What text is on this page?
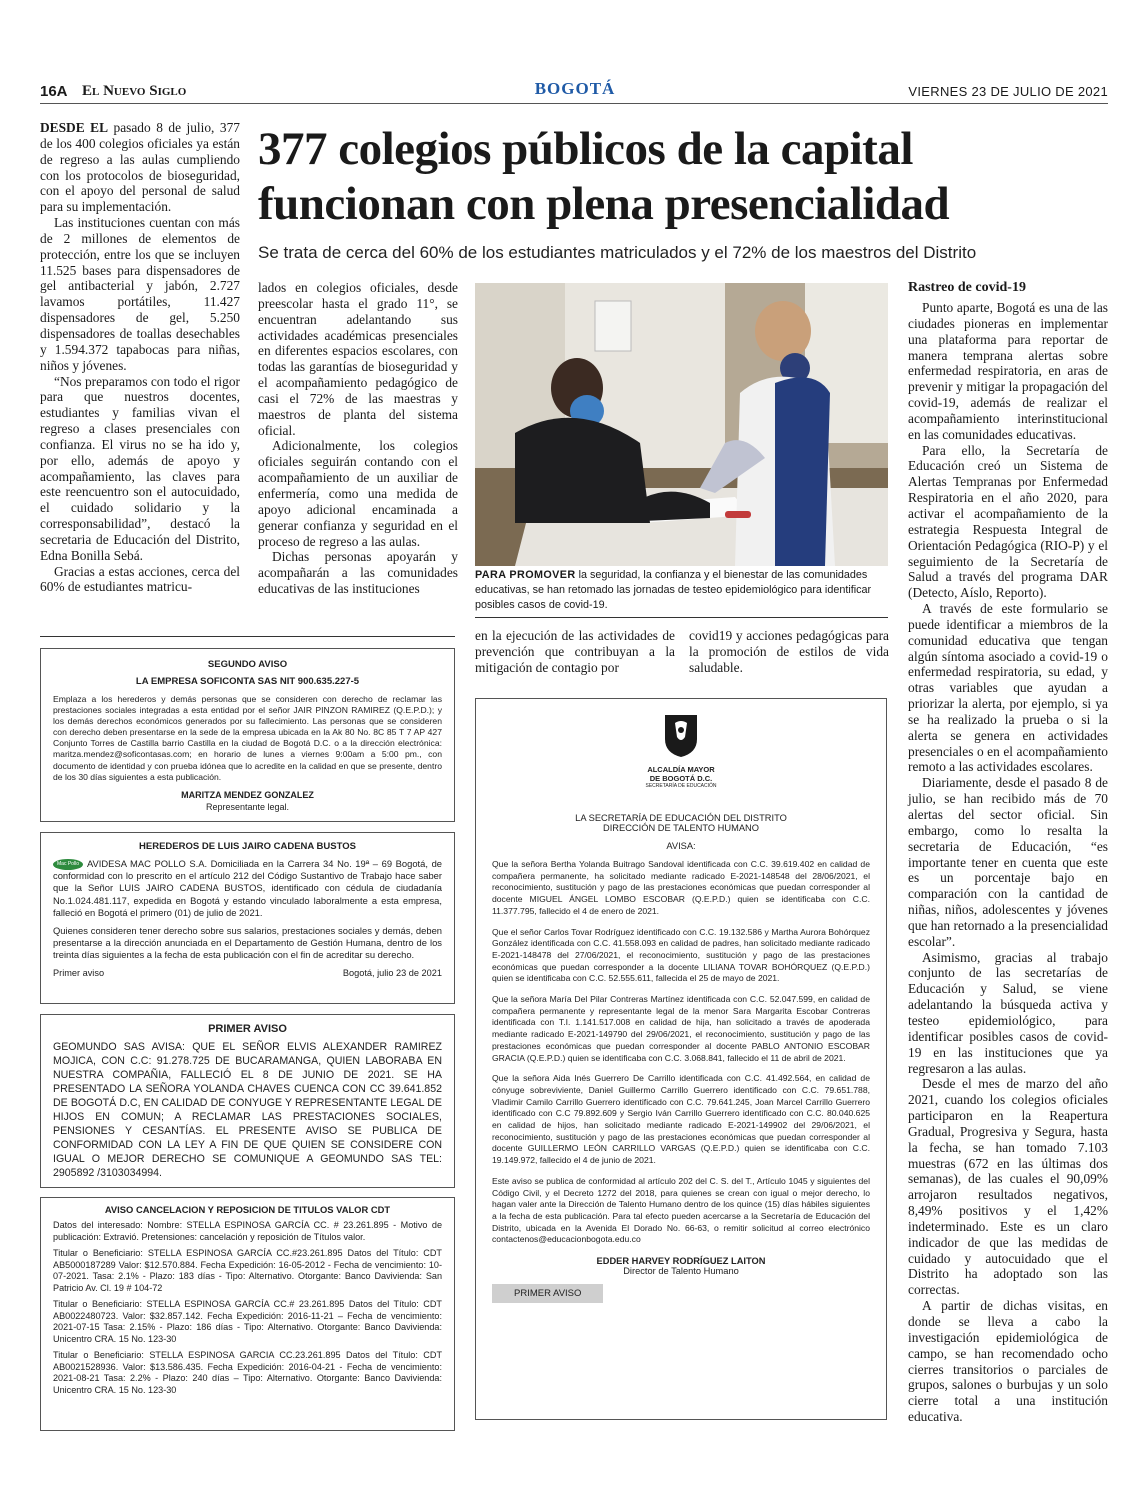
16A El Nuevo Siglo	BOGOTÁ	VIERNES 23 DE JULIO DE 2021
377 colegios públicos de la capital funcionan con plena presencialidad
Se trata de cerca del 60% de los estudiantes matriculados y el 72% de los maestros del Distrito

DESDE EL pasado 8 de julio, 377 de los 400 colegios oficiales ya están de regreso a las aulas cumpliendo con los protocolos de bioseguridad, con el apoyo del personal de salud para su implementación.

Las instituciones cuentan con más de 2 millones de elementos de protección, entre los que se incluyen 11.525 bases para dispensadores de gel antibacterial y jabón, 2.727 lavamos portátiles, 11.427 dispensadores de gel, 5.250 dispensadores de toallas desechables y 1.594.372 tapabocas para niñas, niños y jóvenes.

“Nos preparamos con todo el rigor para que nuestros docentes, estudiantes y familias vivan el regreso a clases presenciales con confianza. El virus no se ha ido y, por ello, además de apoyo y acompañamiento, las claves para este reencuentro son el autocuidado, el cuidado solidario y la corresponsabilidad”, destacó la secretaria de Educación del Distrito, Edna Bonilla Sebá.

Gracias a estas acciones, cerca del 60% de estudiantes matricu-

lados en colegios oficiales, desde preescolar hasta el grado 11°, se encuentran adelantando sus actividades académicas presenciales en diferentes espacios escolares, con todas las garantías de bioseguridad y el acompañamiento pedagógico de casi el 72% de las maestras y maestros de planta del sistema oficial.

Adicionalmente, los colegios oficiales seguirán contando con el acompañamiento de un auxiliar de enfermería, como una medida de apoyo adicional encaminada a generar confianza y seguridad en el proceso de regreso a las aulas.

Dichas personas apoyarán y acompañarán a las comunidades educativas de las instituciones

PARA PROMOVER la seguridad, la confianza y el bienestar de las comunidades educativas, se han retomado las jornadas de testeo epidemiológico para identificar posibles casos de covid-19.

en la ejecución de las actividades de prevención que contribuyan a la mitigación de contagio por

covid19 y acciones pedagógicas para la promoción de estilos de vida saludable.

Rastreo de covid-19

Punto aparte, Bogotá es una de las ciudades pioneras en implementar una plataforma para reportar de manera temprana alertas sobre enfermedad respiratoria, en aras de prevenir y mitigar la propagación del covid-19, además de realizar el acompañamiento interinstitucional en las comunidades educativas.

Para ello, la Secretaría de Educación creó un Sistema de Alertas Tempranas por Enfermedad Respiratoria en el año 2020, para activar el acompañamiento de la estrategia Respuesta Integral de Orientación Pedagógica (RIO-P) y el seguimiento de la Secretaría de Salud a través del programa DAR (Detecto, Aíslo, Reporto).

A través de este formulario se puede identificar a miembros de la comunidad educativa que tengan algún síntoma asociado a covid-19 o enfermedad respiratoria, su edad, y otras variables que ayudan a priorizar la alerta, por ejemplo, si ya se ha realizado la prueba o si la alerta se genera en actividades presenciales o en el acompañamiento remoto a las actividades escolares.

Diariamente, desde el pasado 8 de julio, se han recibido más de 70 alertas del sector oficial. Sin embargo, como lo resalta la secretaria de Educación, “es importante tener en cuenta que este es un porcentaje bajo en comparación con la cantidad de niñas, niños, adolescentes y jóvenes que han retornado a la presencialidad escolar”.

Asimismo, gracias al trabajo conjunto de las secretarías de Educación y Salud, se viene adelantando la búsqueda activa y testeo epidemiológico, para identificar posibles casos de covid-19 en las instituciones que ya regresaron a las aulas.

Desde el mes de marzo del año 2021, cuando los colegios oficiales participaron en la Reapertura Gradual, Progresiva y Segura, hasta la fecha, se han tomado 7.103 muestras (672 en las últimas dos semanas), de las cuales el 90,09% arrojaron resultados negativos, 8,49% positivos y el 1,42% indeterminado. Este es un claro indicador de que las medidas de cuidado y autocuidado que el Distrito ha adoptado son las correctas.

A partir de dichas visitas, en donde se lleva a cabo la investigación epidemiológica de campo, se han recomendado ocho cierres transitorios o parciales de grupos, salones o burbujas y un solo cierre total a una institución educativa.

SEGUNDO AVISO
LA EMPRESA SOFICONTA SAS NIT 900.635.227-5
Emplaza a los herederos y demás personas que se consideren con derecho de reclamar las prestaciones sociales integradas a esta entidad por el señor JAIR PINZON RAMIREZ (Q.E.P.D.); y los demás derechos económicos generados por su fallecimiento. Las personas que se consideren con derecho deben presentarse en la sede de la empresa ubicada en la Ak 80 No. 8C 85 T 7 AP 427 Conjunto Torres de Castilla barrio Castilla en la ciudad de Bogotá D.C. o a la dirección electrónica: maritza.mendez@soficontasas.com; en horario de lunes a viernes 9:00am a 5:00 pm., con documento de identidad y con prueba idónea que lo acredite en la calidad en que se presente, dentro de los 30 días siguientes a esta publicación.
MARITZA MENDEZ GONZALEZ
Representante legal.
HEREDEROS DE LUIS JAIRO CADENA BUSTOS
Mac Pollo AVIDESA MAC POLLO S.A. Domiciliada en la Carrera 34 No. 19ª – 69 Bogotá, de conformidad con lo prescrito en el artículo 212 del Código Sustantivo de Trabajo hace saber que la Señor LUIS JAIRO CADENA BUSTOS, identificado con cédula de ciudadanía No.1.024.481.117, expedida en Bogotá y estando vinculado laboralmente a esta empresa, falleció en Bogotá el primero (01) de julio de 2021.
Quienes consideren tener derecho sobre sus salarios, prestaciones sociales y demás, deben presentarse a la dirección anunciada en el Departamento de Gestión Humana, dentro de los treinta días siguientes a la fecha de esta publicación con el fin de acreditar su derecho.
Primer aviso	Bogotá, julio 23 de 2021
PRIMER AVISO
GEOMUNDO SAS AVISA: QUE EL SEÑOR ELVIS ALEXANDER RAMIREZ MOJICA, CON C.C: 91.278.725 DE BUCARAMANGA, QUIEN LABORABA EN NUESTRA COMPAÑIA, FALLECIÓ EL 8 DE JUNIO DE 2021. SE HA PRESENTADO LA SEÑORA YOLANDA CHAVES CUENCA CON CC 39.641.852 DE BOGOTÁ D.C, EN CALIDAD DE CONYUGE Y REPRESENTANTE LEGAL DE HIJOS EN COMUN; A RECLAMAR LAS PRESTACIONES SOCIALES, PENSIONES Y CESANTÍAS. EL PRESENTE AVISO SE PUBLICA DE CONFORMIDAD CON LA LEY A FIN DE QUE QUIEN SE CONSIDERE CON IGUAL O MEJOR DERECHO SE COMUNIQUE A GEOMUNDO SAS TEL: 2905892 /3103034994.
AVISO CANCELACION Y REPOSICION DE TITULOS VALOR CDT
Datos del interesado: Nombre: STELLA ESPINOSA GARCÍA CC. # 23.261.895 - Motivo de publicación: Extravió. Pretensiones: cancelación y reposición de Títulos valor.
Titular o Beneficiario: STELLA ESPINOSA GARCÍA CC.#23.261.895 Datos del Título: CDT AB5000187289 Valor: $12.570.884. Fecha Expedición: 16-05-2012 - Fecha de vencimiento: 10-07-2021. Tasa: 2.1% - Plazo: 183 días - Tipo: Alternativo. Otorgante: Banco Davivienda: San Patricio Av. Cl. 19 # 104-72
Titular o Beneficiario: STELLA ESPINOSA GARCÍA CC.# 23.261.895 Datos del Título: CDT AB0022480723. Valor: $32.857.142. Fecha Expedición: 2016-11-21 – Fecha de vencimiento: 2021-07-15 Tasa: 2.15% - Plazo: 186 días - Tipo: Alternativo. Otorgante: Banco Davivienda: Unicentro CRA. 15 No. 123-30
Titular o Beneficiario: STELLA ESPINOSA GARCIA CC.23.261.895 Datos del Título: CDT AB0021528936. Valor: $13.586.435. Fecha Expedición: 2016-04-21 - Fecha de vencimiento: 2021-08-21 Tasa: 2.2% - Plazo: 240 días – Tipo: Alternativo. Otorgante: Banco Davivienda: Unicentro CRA. 15 No. 123-30
ALCALDÍA MAYOR
DE BOGOTÁ D.C.
SECRETARÍA DE EDUCACIÓN
LA SECRETARÍA DE EDUCACIÓN DEL DISTRITO
DIRECCIÓN DE TALENTO HUMANO
AVISA:
Que la señora Bertha Yolanda Buitrago Sandoval identificada con C.C. 39.619.402 en calidad de compañera permanente, ha solicitado mediante radicado E-2021-148548 del 28/06/2021, el reconocimiento, sustitución y pago de las prestaciones económicas que puedan corresponder al docente MIGUEL ÁNGEL LOMBO ESCOBAR (Q.E.P.D.) quien se identificaba con C.C. 11.377.795, fallecido el 4 de enero de 2021.
Que el señor Carlos Tovar Rodríguez identificado con C.C. 19.132.586 y Martha Aurora Bohórquez González identificada con C.C. 41.558.093 en calidad de padres, han solicitado mediante radicado E-2021-148478 del 27/06/2021, el reconocimiento, sustitución y pago de las prestaciones económicas que puedan corresponder a la docente LILIANA TOVAR BOHÓRQUEZ (Q.E.P.D.) quien se identificaba con C.C. 52.555.611, fallecida el 25 de mayo de 2021.
Que la señora María Del Pilar Contreras Martínez identificada con C.C. 52.047.599, en calidad de compañera permanente y representante legal de la menor Sara Margarita Escobar Contreras identificada con T.I. 1.141.517.008 en calidad de hija, han solicitado a través de apoderada mediante radicado E-2021-149790 del 29/06/2021, el reconocimiento, sustitución y pago de las prestaciones económicas que puedan corresponder al docente PABLO ANTONIO ESCOBAR GRACIA (Q.E.P.D.) quien se identificaba con C.C. 3.068.841, fallecido el 11 de abril de 2021.
Que la señora Aida Inés Guerrero De Carrillo identificada con C.C. 41.492.564, en calidad de cónyuge sobreviviente, Daniel Guillermo Carrillo Guerrero identificado con C.C. 79.651.788, Vladimir Camilo Carrillo Guerrero identificado con C.C. 79.641.245, Joan Marcel Carrillo Guerrero identificado con C.C 79.892.609 y Sergio Iván Carrillo Guerrero identificado con C.C. 80.040.625 en calidad de hijos, han solicitado mediante radicado E-2021-149902 del 29/06/2021, el reconocimiento, sustitución y pago de las prestaciones económicas que puedan corresponder al docente GUILLERMO LEÓN CARRILLO VARGAS (Q.E.P.D.) quien se identificaba con C.C. 19.149.972, fallecido el 4 de junio de 2021.
Este aviso se publica de conformidad al artículo 202 del C. S. del T., Artículo 1045 y siguientes del Código Civil, y el Decreto 1272 del 2018, para quienes se crean con igual o mejor derecho, lo hagan valer ante la Dirección de Talento Humano dentro de los quince (15) días hábiles siguientes a la fecha de esta publicación. Para tal efecto pueden acercarse a la Secretaría de Educación del Distrito, ubicada en la Avenida El Dorado No. 66-63, o remitir solicitud al correo electrónico contactenos@educacionbogota.edu.co
EDDER HARVEY RODRÍGUEZ LAITON
Director de Talento Humano
PRIMER AVISO
